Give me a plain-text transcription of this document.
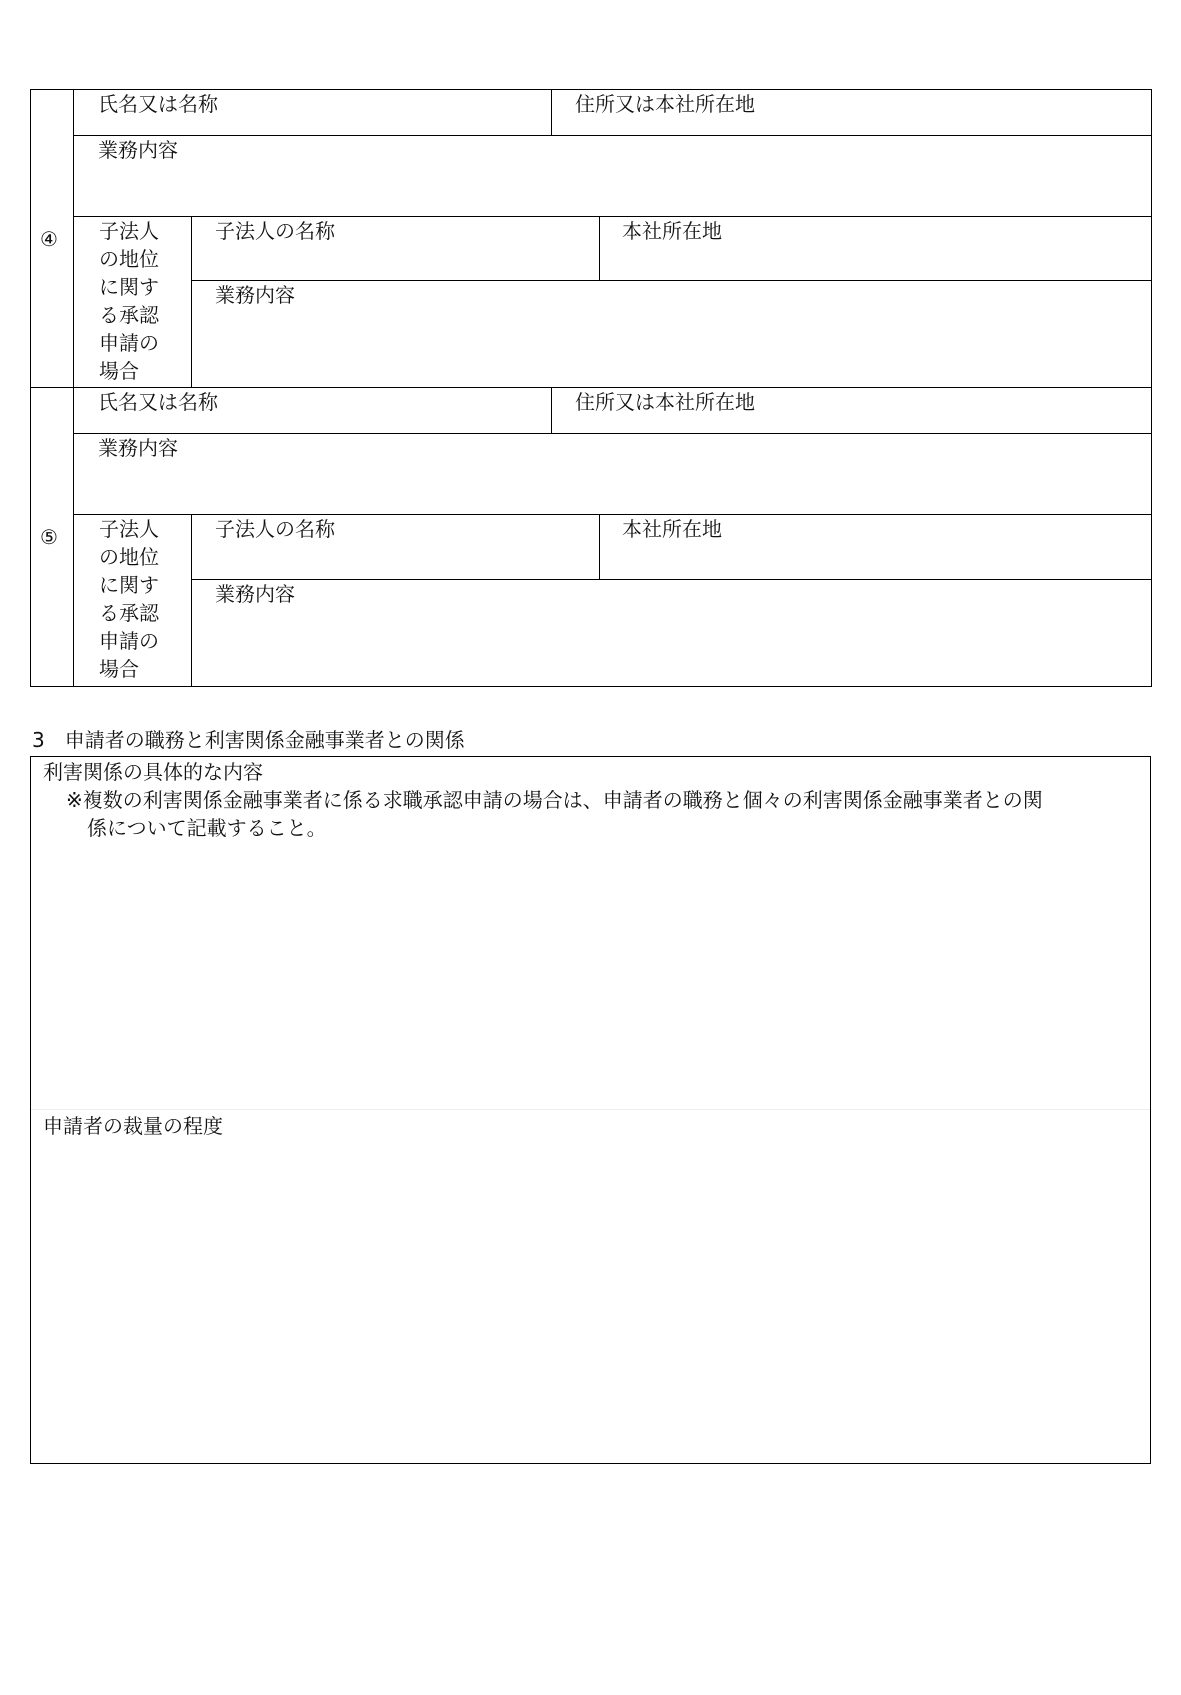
④
氏名又は名称	住所又は本社所在地
業務内容
子法人の地位に関する承認申請の場合
子法人の名称	本社所在地
業務内容
⑤
氏名又は名称	住所又は本社所在地
業務内容
子法人の地位に関する承認申請の場合
子法人の名称	本社所在地
業務内容
3　申請者の職務と利害関係金融事業者との関係
利害関係の具体的な内容
※複数の利害関係金融事業者に係る求職承認申請の場合は、申請者の職務と個々の利害関係金融事業者との関
係について記載すること。
申請者の裁量の程度
